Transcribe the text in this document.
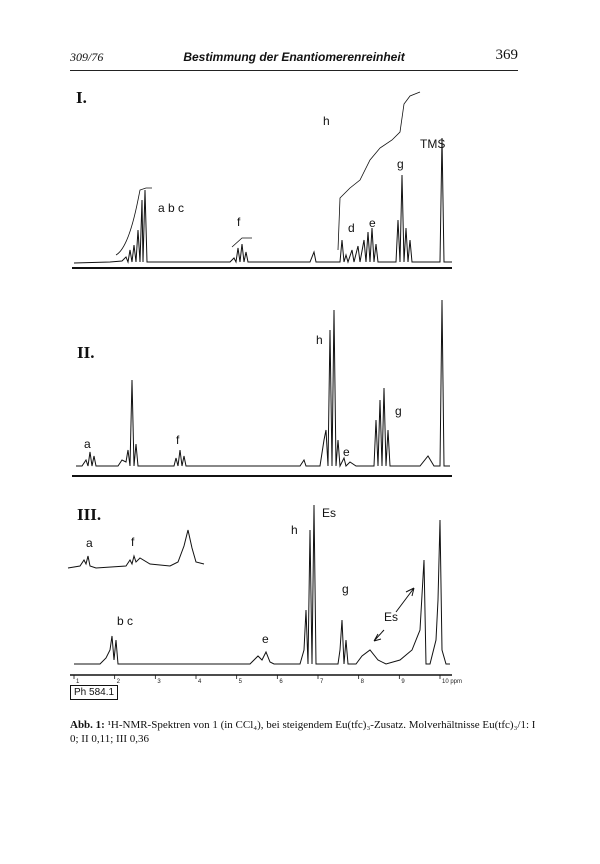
309/76	Bestimmung der Enantiomerenreinheit	369
I.
a b c
f
h
d e
g
TMS
II.
a	f
h
e
g
III.
a	f
b c
e
h
Es
g
Es
1	2	3	4	5	6	7	8	9	10 ppm
Ph 584.1
Abb. 1: ¹H-NMR-Spektren von 1 (in CCl₄), bei steigendem Eu(tfc)₃-Zusatz. Molverhältnisse Eu(tfc)₃/1: I 0; II 0,11; III 0,36
